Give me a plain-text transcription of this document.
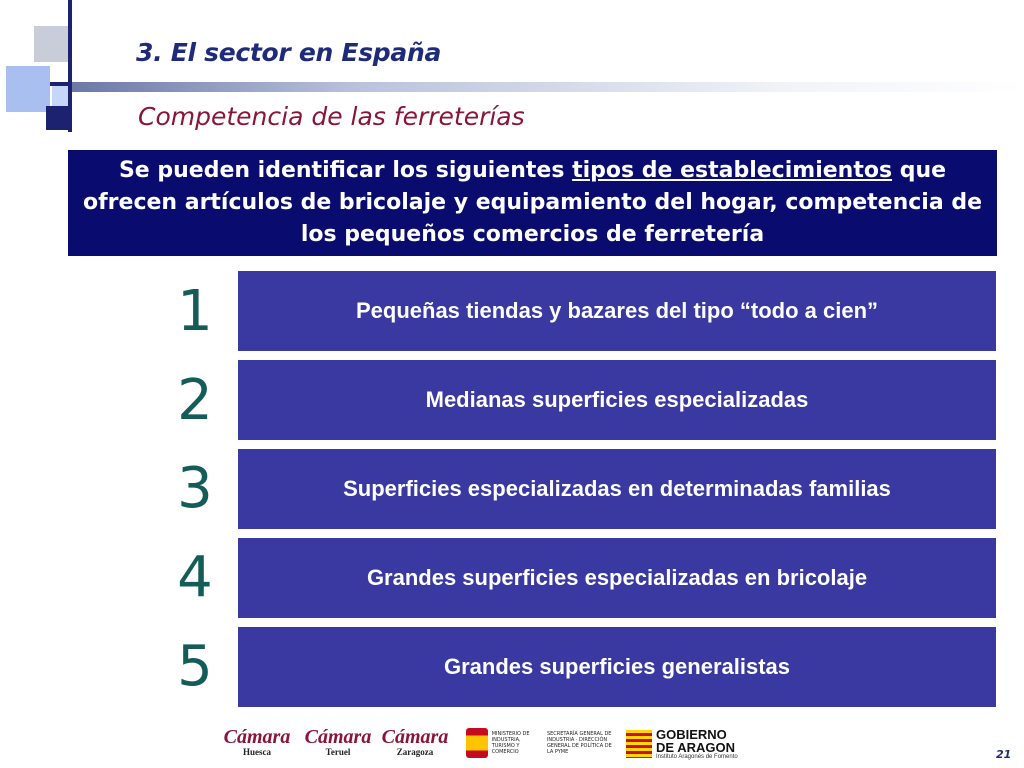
3. El sector en España
Competencia de las ferreterías
Se pueden identificar los siguientes tipos de establecimientos que ofrecen artículos de bricolaje y equipamiento del hogar, competencia de los pequeños comercios de ferretería
1	Pequeñas tiendas y bazares del tipo “todo a cien”
2	Medianas superficies especializadas
3	Superficies especializadas en determinadas familias
4	Grandes superficies especializadas en bricolaje
5	Grandes superficies generalistas
Cámara
Huesca
Cámara
Teruel
Cámara
Zaragoza
MINISTERIO DE INDUSTRIA, TURISMO Y COMERCIO
SECRETARÍA GENERAL DE INDUSTRIA · DIRECCIÓN GENERAL DE POLÍTICA DE LA PYME
GOBIERNO DE ARAGON
Instituto Aragonés de Fomento	21
